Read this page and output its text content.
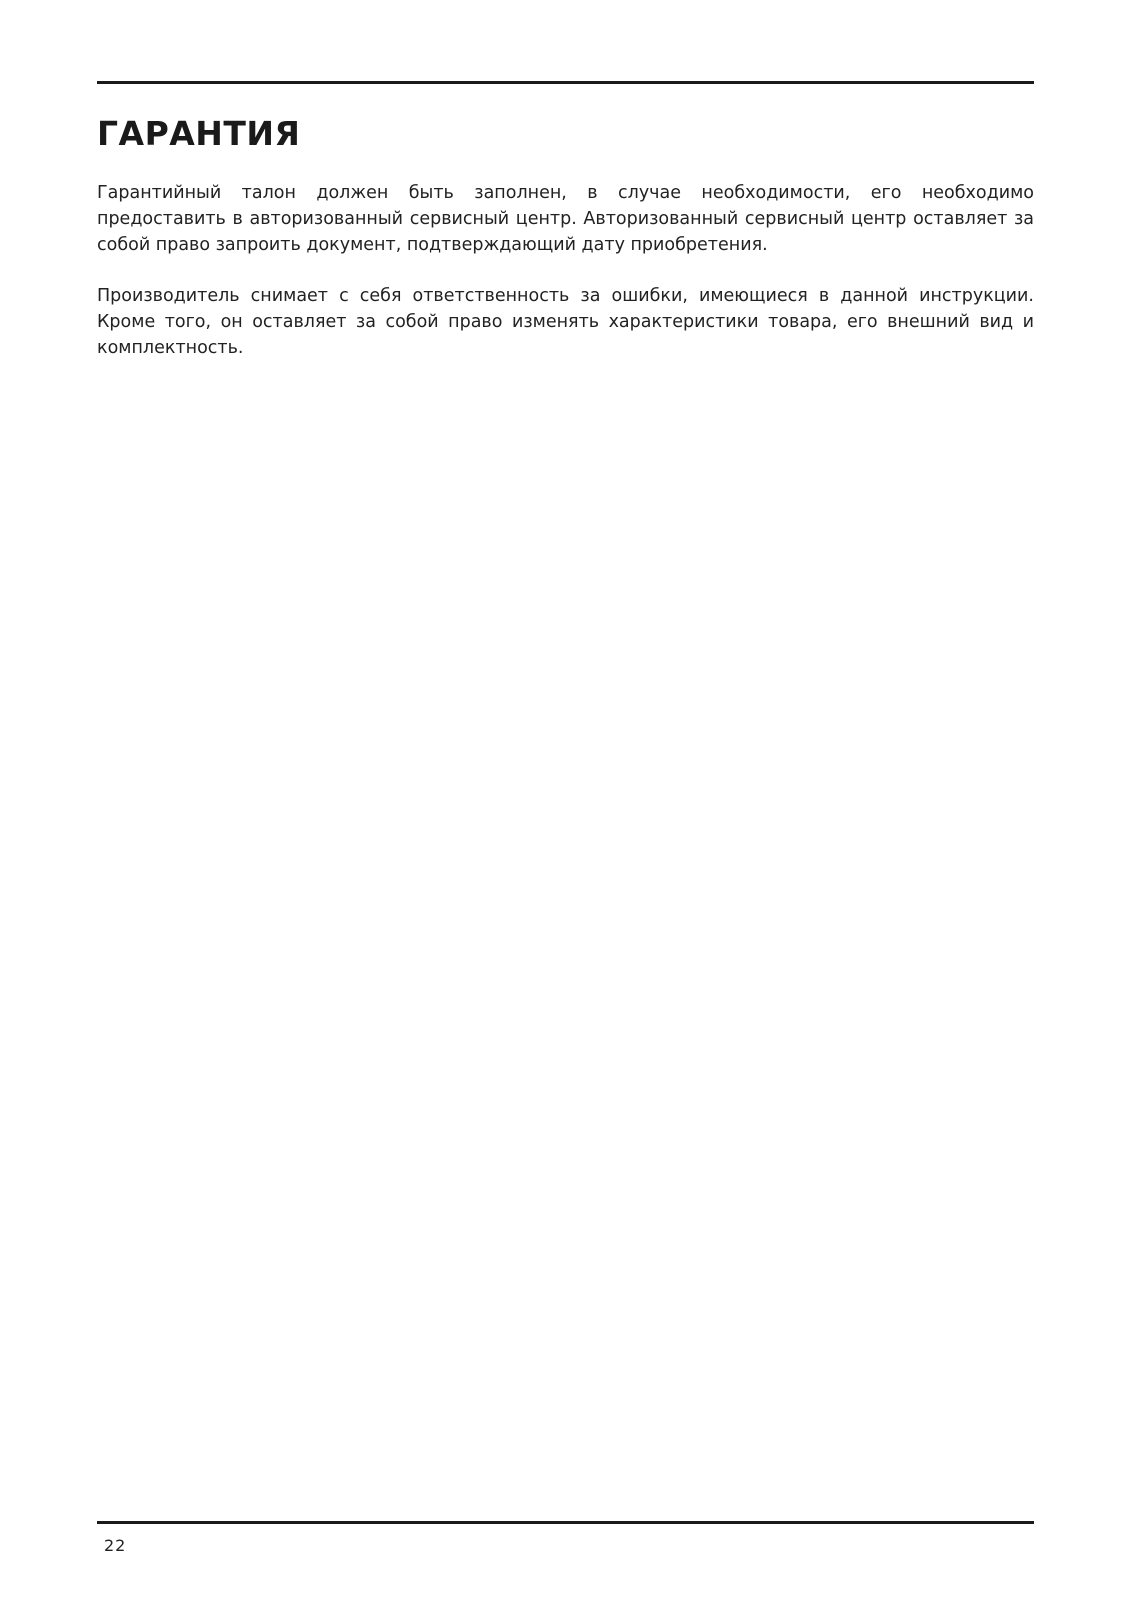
ГАРАНТИЯ

Гарантийный талон должен быть заполнен, в случае необходимости, его необходимо предоставить в авторизованный сервисный центр. Авторизованный сервисный центр оставляет за собой право запроить документ, подтверждающий дату приобретения.

Производитель снимает с себя ответственность за ошибки, имеющиеся в данной инструкции. Кроме того, он оставляет за собой право изменять характеристики товара, его внешний вид и комплектность.

22
